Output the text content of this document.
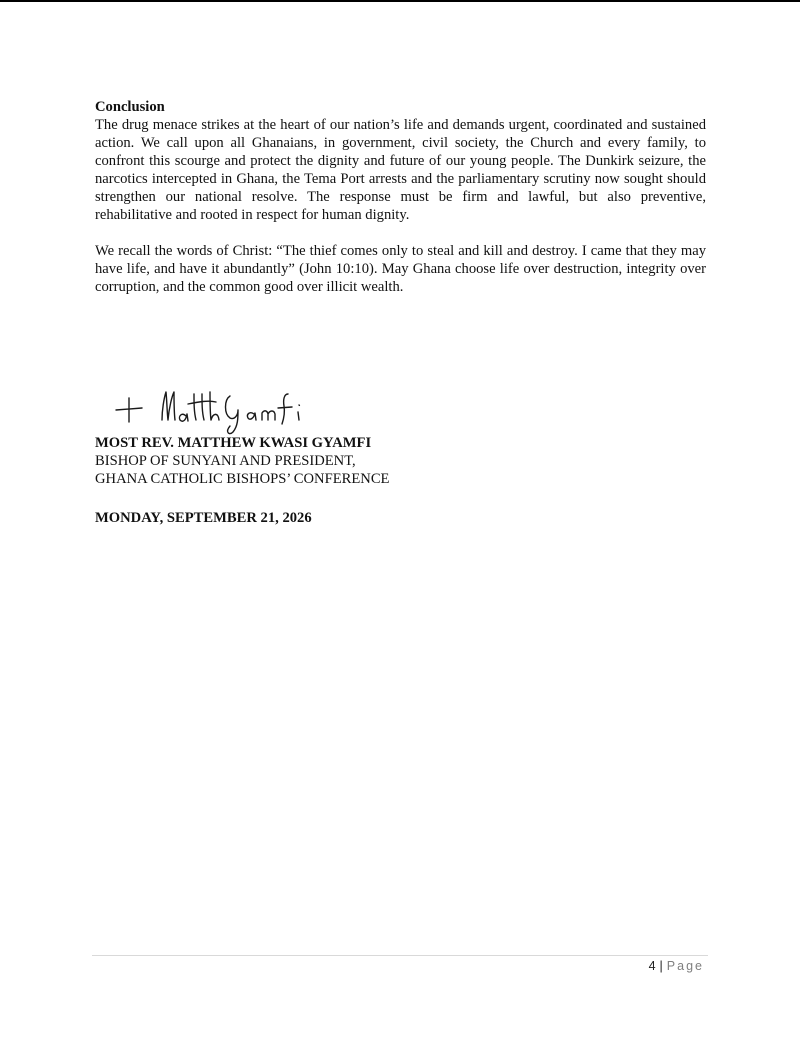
Conclusion

The drug menace strikes at the heart of our nation’s life and demands urgent, coordinated and sustained action. We call upon all Ghanaians, in government, civil society, the Church and every family, to confront this scourge and protect the dignity and future of our young people. The Dunkirk seizure, the narcotics intercepted in Ghana, the Tema Port arrests and the parliamentary scrutiny now sought should strengthen our national resolve. The response must be firm and lawful, but also preventive, rehabilitative and rooted in respect for human dignity.

We recall the words of Christ: “The thief comes only to steal and kill and destroy. I came that they may have life, and have it abundantly” (John 10:10). May Ghana choose life over destruction, integrity over corruption, and the common good over illicit wealth.

MOST REV. MATTHEW KWASI GYAMFI
BISHOP OF SUNYANI AND PRESIDENT,
GHANA CATHOLIC BISHOPS’ CONFERENCE
MONDAY, SEPTEMBER 21, 2026
4 | Page
